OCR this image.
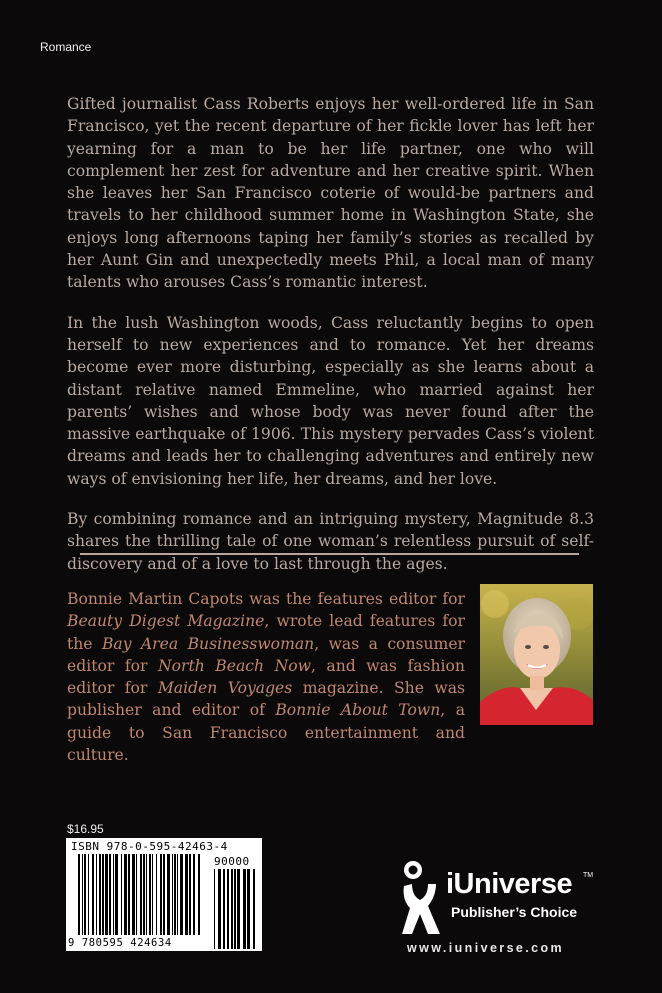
Romance

Gifted journalist Cass Roberts enjoys her well-ordered life in San Francisco, yet the recent departure of her fickle lover has left her yearning for a man to be her life partner, one who will complement her zest for adventure and her creative spirit. When she leaves her San Francisco coterie of would-be partners and travels to her childhood summer home in Washington State, she enjoys long afternoons taping her family’s stories as recalled by her Aunt Gin and unexpectedly meets Phil, a local man of many talents who arouses Cass’s romantic interest.

In the lush Washington woods, Cass reluctantly begins to open herself to new experiences and to romance. Yet her dreams become ever more disturbing, especially as she learns about a distant relative named Emmeline, who married against her parents’ wishes and whose body was never found after the massive earthquake of 1906. This mystery pervades Cass’s violent dreams and leads her to challenging adventures and entirely new ways of envisioning her life, her dreams, and her love.

By combining romance and an intriguing mystery, Magnitude 8.3 shares the thrilling tale of one woman’s relentless pursuit of self-discovery and of a love to last through the ages.

Bonnie Martin Capots was the features editor for Beauty Digest Magazine, wrote lead features for the Bay Area Businesswoman, was a consumer editor for North Beach Now, and was fashion editor for Maiden Voyages magazine. She was publisher and editor of Bonnie About Town, a guide to San Francisco entertainment and culture.
$16.95
ISBN 978-0-595-42463-4
90000
9 780595 424634
iUniverse TM
Publisher’s Choice
www.iuniverse.com
